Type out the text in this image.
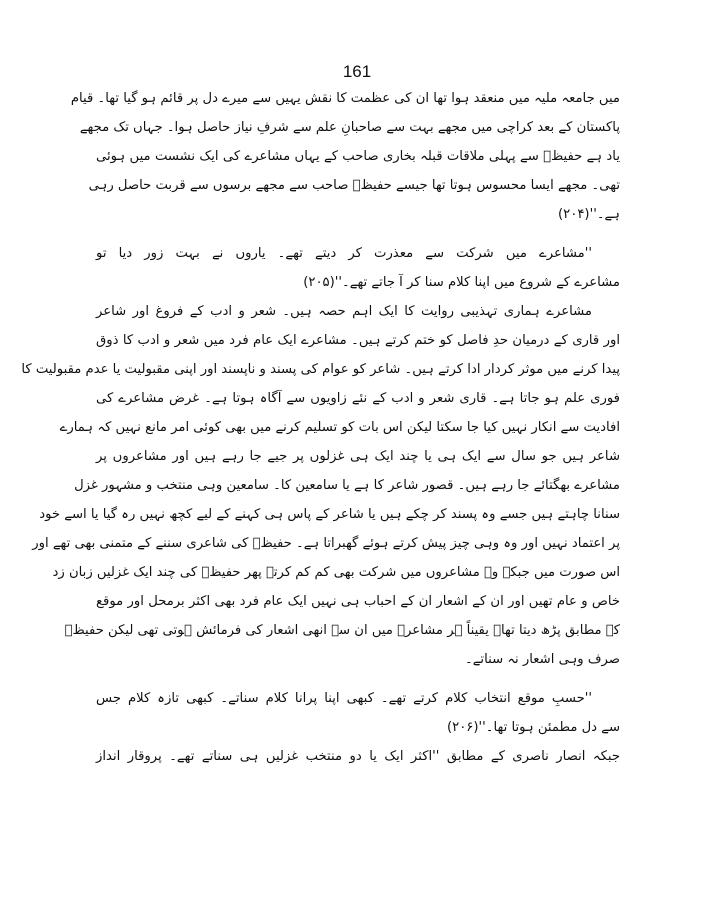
161
میں جامعہ ملیہ میں منعقد ہوا تھا ان کی عظمت کا نقش یہیں سے میرے دل پر قائم ہو گیا تھا۔ قیام
پاکستان کے بعد کراچی میں مجھے بہت سے صاحبانِ علم سے شرفِ نیاز حاصل ہوا۔ جہاں تک مجھے
یاد ہے حفیظؔ سے پہلی ملاقات قبلہ بخاری صاحب کے یہاں مشاعرے کی ایک نشست میں ہوئی
تھی۔ مجھے ایسا محسوس ہوتا تھا جیسے حفیظؔ صاحب سے مجھے برسوں سے قربت حاصل رہی
ہے۔''(۲۰۴)
''مشاعرے میں شرکت سے معذرت کر دیتے تھے۔ یاروں نے بہت زور دیا تو
مشاعرے کے شروع میں اپنا کلام سنا کر آ جاتے تھے۔''(۲۰۵)
مشاعرے ہماری تہذیبی روایت کا ایک اہم حصہ ہیں۔ شعر و ادب کے فروغ اور شاعر
اور قاری کے درمیان حدِ فاصل کو ختم کرتے ہیں۔ مشاعرے ایک عام فرد میں شعر و ادب کا ذوق
پیدا کرنے میں موثر کردار ادا کرتے ہیں۔ شاعر کو عوام کی پسند و ناپسند اور اپنی مقبولیت یا عدم مقبولیت کا
فوری علم ہو جاتا ہے۔ قاری شعر و ادب کے نئے زاویوں سے آگاہ ہوتا ہے۔ غرض مشاعرے کی
افادیت سے انکار نہیں کیا جا سکتا لیکن اس بات کو تسلیم کرنے میں بھی کوئی امر مانع نہیں کہ ہمارے
شاعر ہیں جو سال سے ایک ہی یا چند ایک ہی غزلوں پر جیے جا رہے ہیں اور مشاعروں پر
مشاعرے بھگتائے جا رہے ہیں۔ قصور شاعر کا ہے یا سامعین کا۔ سامعین وہی منتخب و مشہور غزل
سنانا چاہتے ہیں جسے وہ پسند کر چکے ہیں یا شاعر کے پاس ہی کہنے کے لیے کچھ نہیں رہ گیا یا اسے خود
پر اعتماد نہیں اور وہ وہی چیز پیش کرتے ہوئے گھبراتا ہے۔ حفیظؔ کی شاعری سننے کے متمنی بھی تھے اور
اس صورت میں جبکہ وہ مشاعروں میں شرکت بھی کم کم کرتے پھر حفیظؔ کی چند ایک غزلیں زبان زد
خاص و عام تھیں اور ان کے اشعار ان کے احباب ہی نہیں ایک عام فرد بھی اکثر برمحل اور موقع
کے مطابق پڑھ دیتا تھا۔ یقیناً ہر مشاعرے میں ان سے انھی اشعار کی فرمائش ہوتی تھی لیکن حفیظؔ
صرف وہی اشعار نہ سناتے۔
''حسبِ موقع انتخاب کلام کرتے تھے۔ کبھی اپنا پرانا کلام سناتے۔ کبھی تازہ کلام جس
سے دل مطمئن ہوتا تھا۔''(۲۰۶)
جبکہ انصار ناصری کے مطابق ''اکثر ایک یا دو منتخب غزلیں ہی سناتے تھے۔ پروقار انداز
